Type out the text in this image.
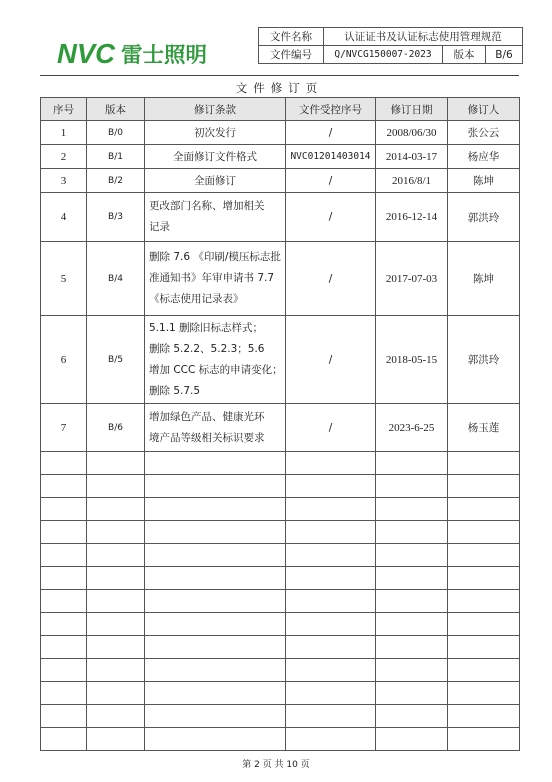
NVC 雷士照明
文件名称	认证证书及认证标志使用管理规范		
文件编号	Q/NVCG150007-2023	版本	B/6
文件修订页
序号	版本	修订条款	文件受控序号	修订日期	修订人
1	B/0	初次发行	/	2008/06/30	张公云
2	B/1	全面修订文件格式	NVC01201403014	2014-03-17	杨应华
3	B/2	全面修订	/	2016/8/1	陈坤
4	B/3	更改部门名称、增加相关
记录	/	2016-12-14	郭洪玲
5	B/4	删除 7.6 《印刷/模压标志批
准通知书》年审申请书 7.7
《标志使用记录表》	/	2017-07-03	陈坤
6	B/5	5.1.1 删除旧标志样式；
删除 5.2.2、5.2.3；5.6
增加 CCC 标志的申请变化；
删除 5.7.5	/	2018-05-15	郭洪玲
7	B/6	增加绿色产品、健康光环
境产品等级相关标识要求	/	2023-6-25	杨玉莲

第 2 页 共 10 页
